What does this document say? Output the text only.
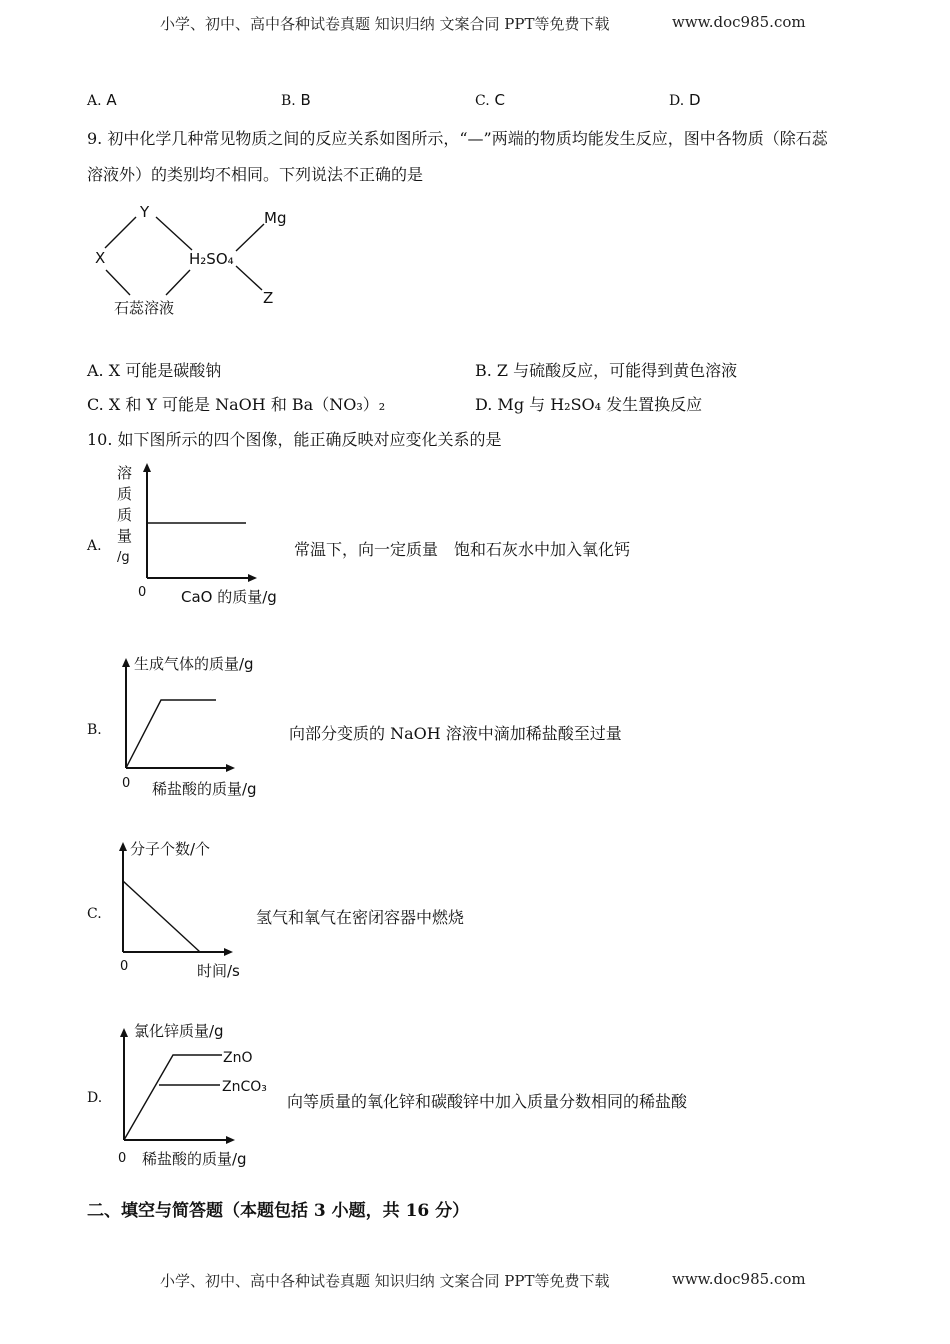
小学、初中、高中各种试卷真题 知识归纳 文案合同 PPT等免费下载	www.doc985.com
A. A	B. B	C. C	D. D
9. 初中化学几种常见物质之间的反应关系如图所示，“—”两端的物质均能发生反应，图中各物质（除石蕊
溶液外）的类别均不相同。下列说法不正确的是
Y	Mg
X	H₂SO₄
Z
石蕊溶液
A. X 可能是碳酸钠	B. Z 与硫酸反应，可能得到黄色溶液
C. X 和 Y 可能是 NaOH 和 Ba（NO₃）₂	D. Mg 与 H₂SO₄ 发生置换反应
10. 如下图所示的四个图像，能正确反映对应变化关系的是
A.
溶
质
质
量
/g
0 CaO 的质量/g
常温下，向一定质量　饱和石灰水中加入氧化钙
B.
生成气体的质量/g
0 稀盐酸的质量/g
向部分变质的 NaOH 溶液中滴加稀盐酸至过量
C.
分子个数/个
0	时间/s
氢气和氧气在密闭容器中燃烧
D.
氯化锌质量/g
ZnO
ZnCO₃
0 稀盐酸的质量/g
向等质量的氧化锌和碳酸锌中加入质量分数相同的稀盐酸
二、填空与简答题（本题包括 3 小题，共 16 分）
小学、初中、高中各种试卷真题 知识归纳 文案合同 PPT等免费下载	www.doc985.com
